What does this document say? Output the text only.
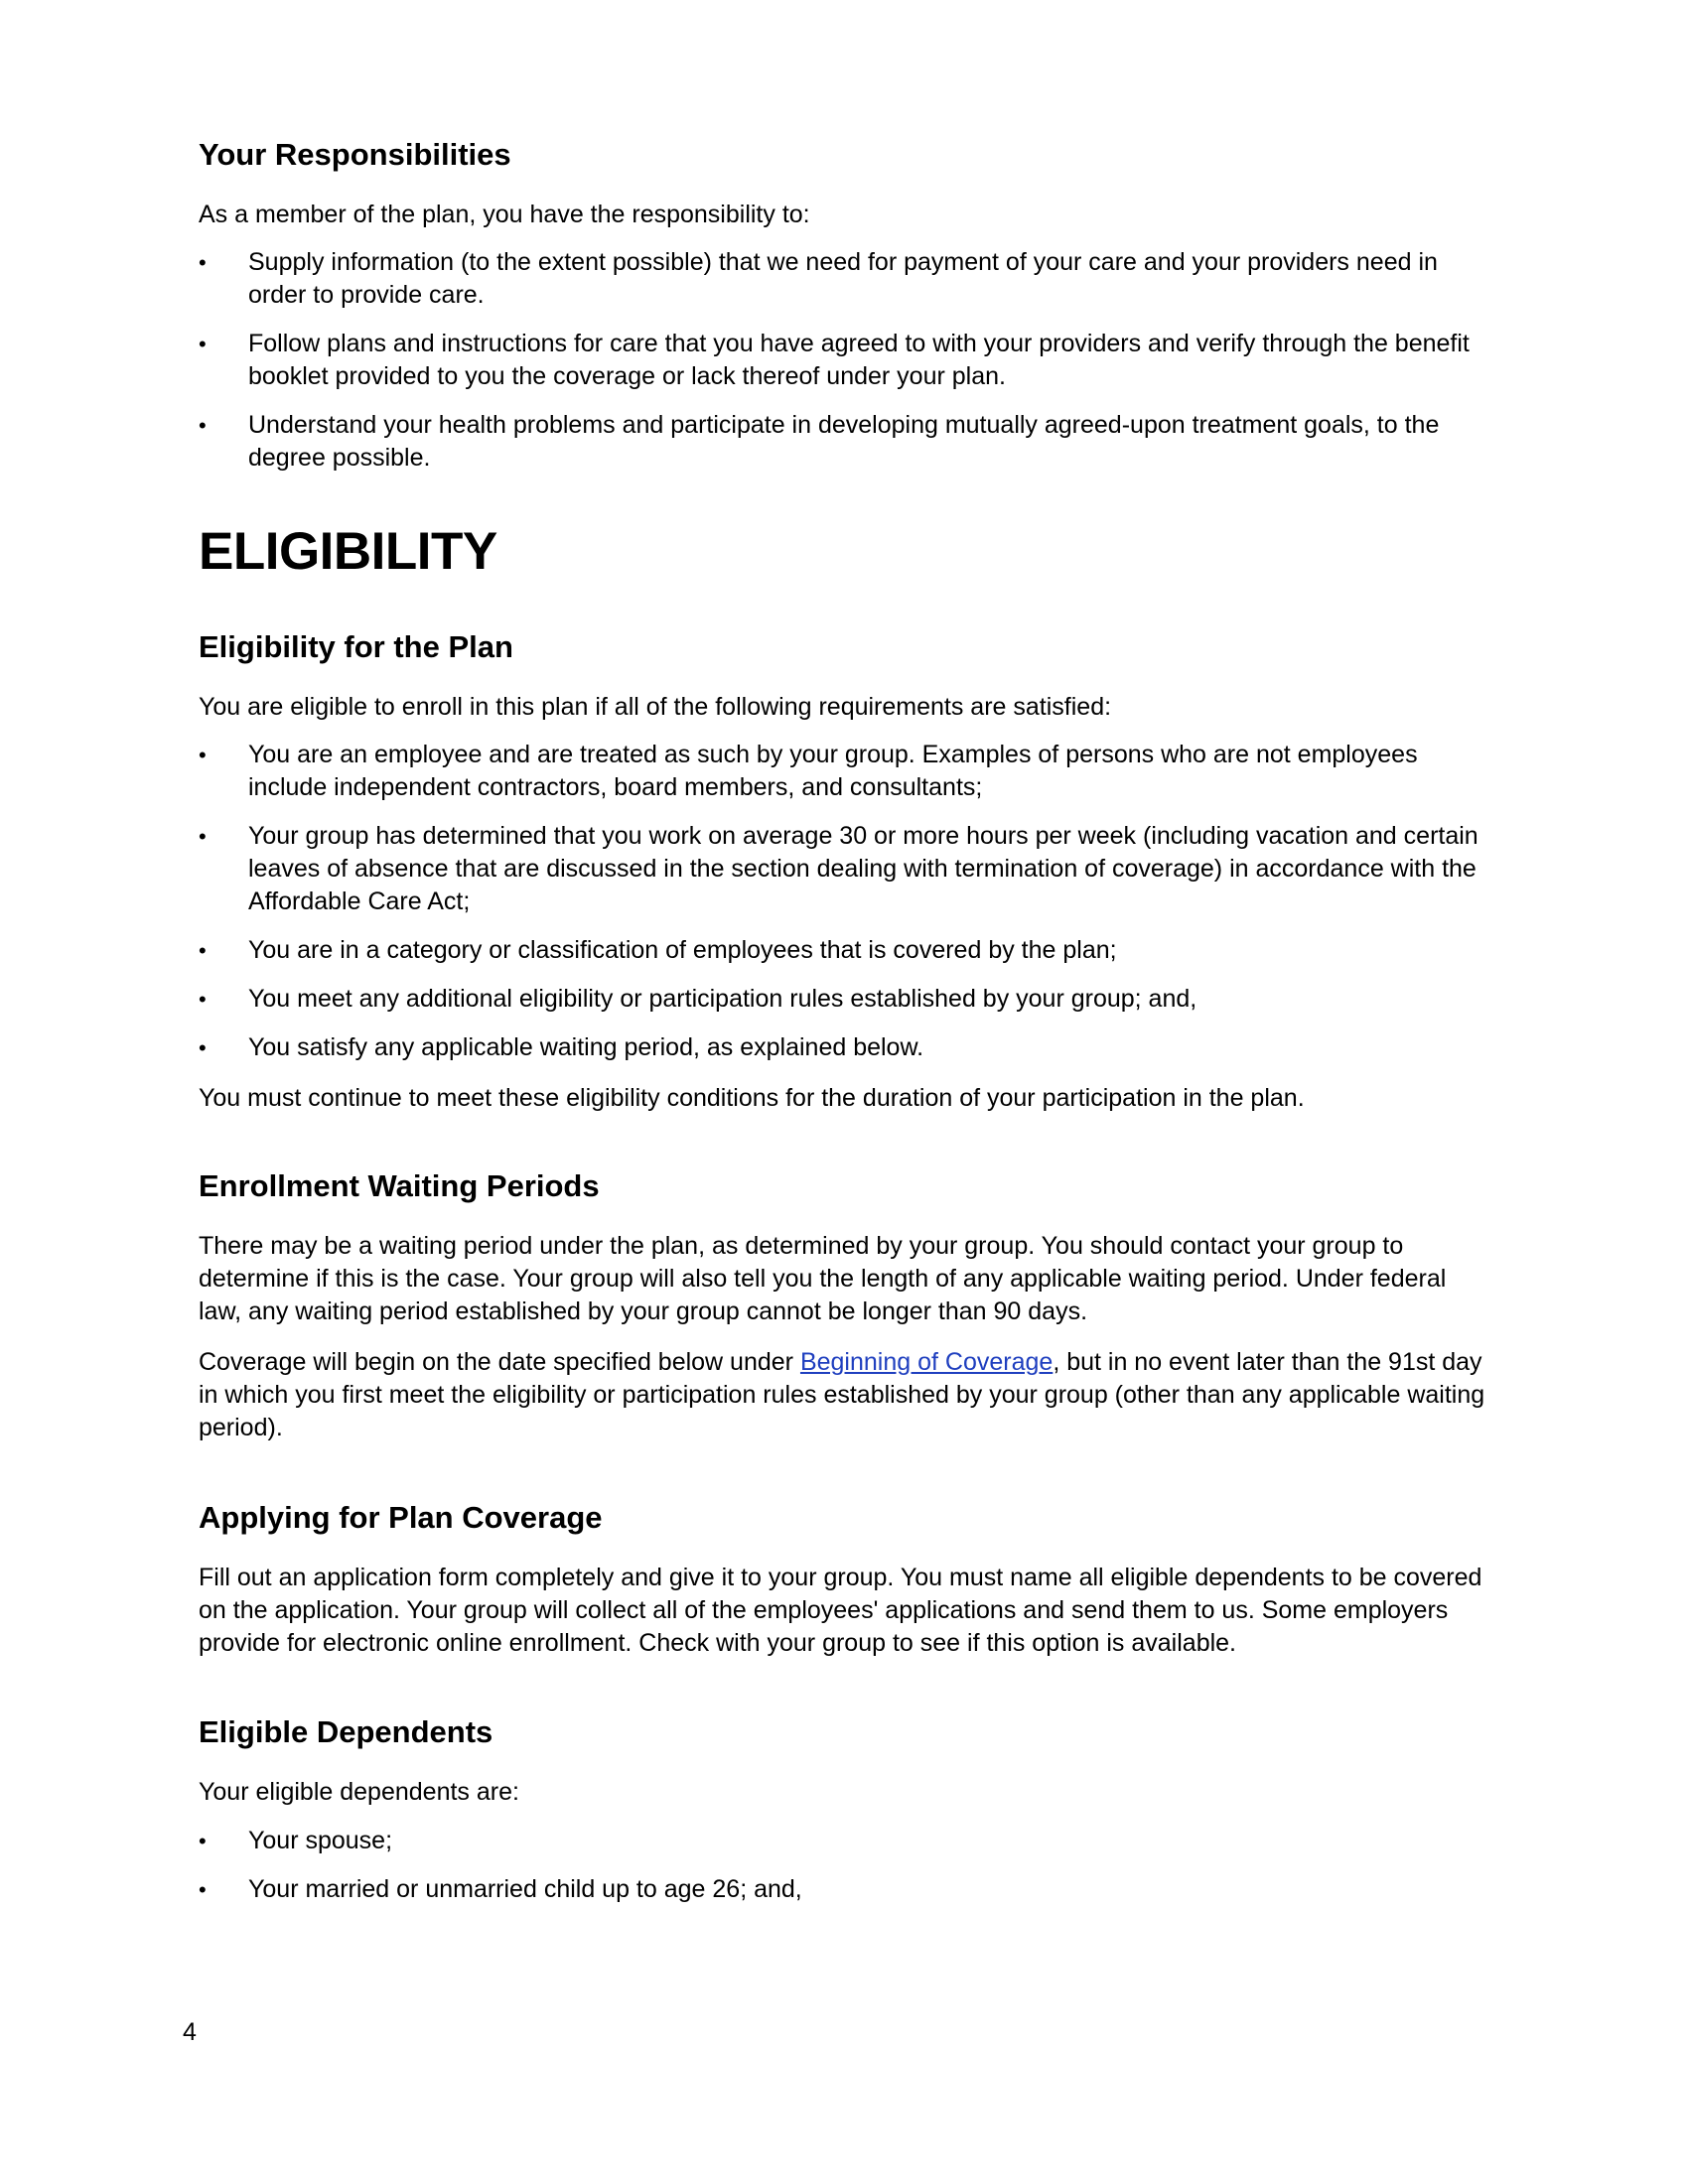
Your Responsibilities

As a member of the plan, you have the responsibility to:

•	Supply information (to the extent possible) that we need for payment of your care and your providers need in order to provide care.
•	Follow plans and instructions for care that you have agreed to with your providers and verify through the benefit booklet provided to you the coverage or lack thereof under your plan.
•	Understand your health problems and participate in developing mutually agreed-upon treatment goals, to the degree possible.
ELIGIBILITY
Eligibility for the Plan

You are eligible to enroll in this plan if all of the following requirements are satisfied:

•	You are an employee and are treated as such by your group. Examples of persons who are not employees include independent contractors, board members, and consultants;
•	Your group has determined that you work on average 30 or more hours per week (including vacation and certain leaves of absence that are discussed in the section dealing with termination of coverage) in accordance with the Affordable Care Act;
•	You are in a category or classification of employees that is covered by the plan;
•	You meet any additional eligibility or participation rules established by your group; and,
•	You satisfy any applicable waiting period, as explained below.

You must continue to meet these eligibility conditions for the duration of your participation in the plan.

Enrollment Waiting Periods

There may be a waiting period under the plan, as determined by your group. You should contact your group to determine if this is the case. Your group will also tell you the length of any applicable waiting period. Under federal law, any waiting period established by your group cannot be longer than 90 days.

Coverage will begin on the date specified below under Beginning of Coverage, but in no event later than the 91st day in which you first meet the eligibility or participation rules established by your group (other than any applicable waiting period).

Applying for Plan Coverage

Fill out an application form completely and give it to your group. You must name all eligible dependents to be covered on the application. Your group will collect all of the employees' applications and send them to us. Some employers provide for electronic online enrollment. Check with your group to see if this option is available.

Eligible Dependents

Your eligible dependents are:

•	Your spouse;
•	Your married or unmarried child up to age 26; and,
4
